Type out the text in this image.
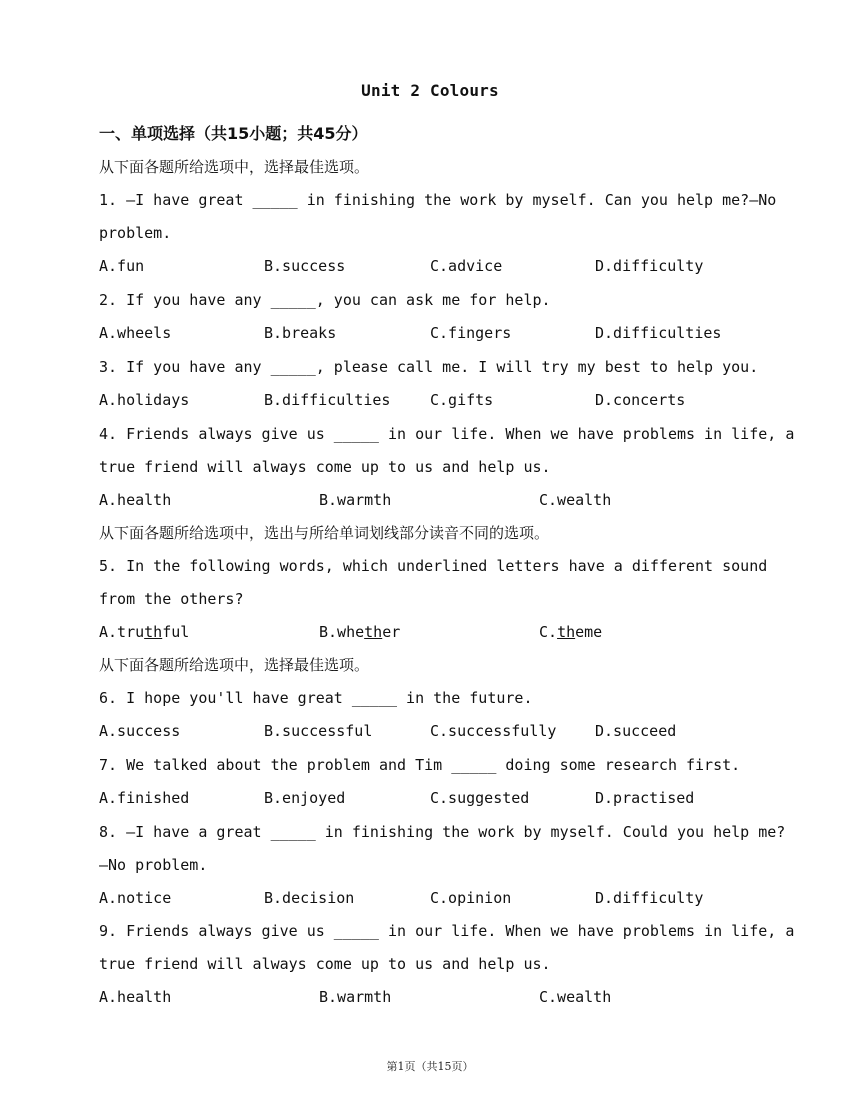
Unit 2 Colours
一、单项选择（共15小题；共45分）
从下面各题所给选项中，选择最佳选项。
1. —I have great _____ in finishing the work by myself. Can you help me?—No
problem.
A.fun	B.success	C.advice	D.difficulty
2. If you have any _____, you can ask me for help.
A.wheels	B.breaks	C.fingers	D.difficulties
3. If you have any _____, please call me. I will try my best to help you.
A.holidays	B.difficulties	C.gifts	D.concerts
4. Friends always give us _____ in our life. When we have problems in life, a
true friend will always come up to us and help us.
A.health	B.warmth	C.wealth
从下面各题所给选项中，选出与所给单词划线部分读音不同的选项。
5. In the following words, which underlined letters have a different sound
from the others?
A.truthful	B.whether	C.theme
从下面各题所给选项中，选择最佳选项。
6. I hope you'll have great _____ in the future.
A.success	B.successful	C.successfully	D.succeed
7. We talked about the problem and Tim _____ doing some research first.
A.finished	B.enjoyed	C.suggested	D.practised
8. —I have a great _____ in finishing the work by myself. Could you help me?
—No problem.
A.notice	B.decision	C.opinion	D.difficulty
9. Friends always give us _____ in our life. When we have problems in life, a
true friend will always come up to us and help us.
A.health	B.warmth	C.wealth
第1页（共15页）
